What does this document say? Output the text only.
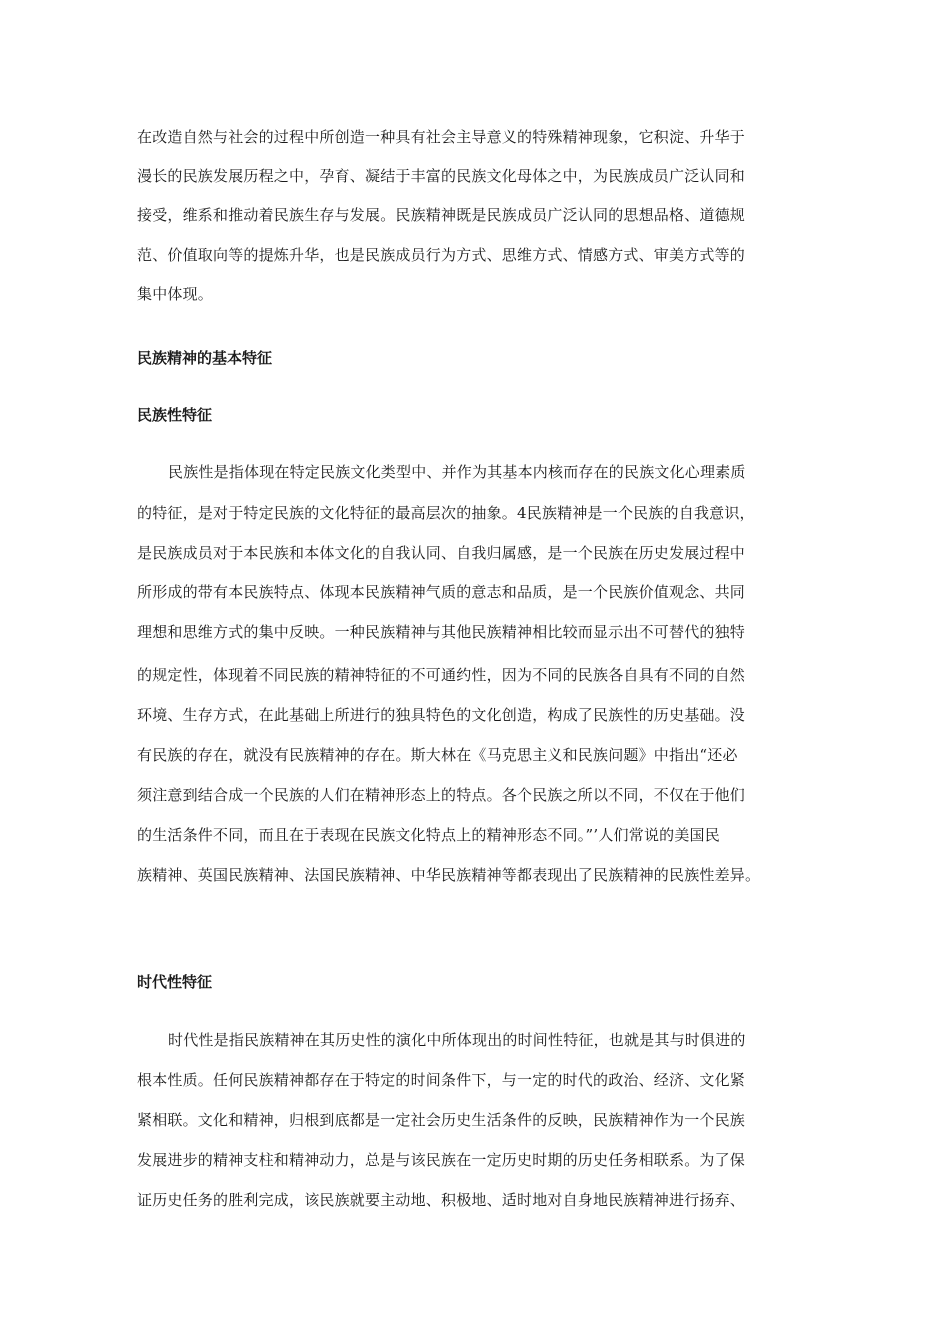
在改造自然与社会的过程中所创造一种具有社会主导意义的特殊精神现象，它积淀、升华于
漫长的民族发展历程之中，孕育、凝结于丰富的民族文化母体之中，为民族成员广泛认同和
接受，维系和推动着民族生存与发展。民族精神既是民族成员广泛认同的思想品格、道德规
范、价值取向等的提炼升华，也是民族成员行为方式、思维方式、情感方式、审美方式等的
集中体现。
民族精神的基本特征
民族性特征
民族性是指体现在特定民族文化类型中、并作为其基本内核而存在的民族文化心理素质
的特征，是对于特定民族的文化特征的最高层次的抽象。4民族精神是一个民族的自我意识，
是民族成员对于本民族和本体文化的自我认同、自我归属感，是一个民族在历史发展过程中
所形成的带有本民族特点、体现本民族精神气质的意志和品质，是一个民族价值观念、共同
理想和思维方式的集中反映。一种民族精神与其他民族精神相比较而显示出不可替代的独特
的规定性，体现着不同民族的精神特征的不可通约性，因为不同的民族各自具有不同的自然
环境、生存方式，在此基础上所进行的独具特色的文化创造，构成了民族性的历史基础。没
有民族的存在，就没有民族精神的存在。斯大林在《马克思主义和民族问题》中指出“还必
须注意到结合成一个民族的人们在精神形态上的特点。各个民族之所以不同，不仅在于他们
的生活条件不同，而且在于表现在民族文化特点上的精神形态不同。”’人们常说的美国民
族精神、英国民族精神、法国民族精神、中华民族精神等都表现出了民族精神的民族性差异。
时代性特征
时代性是指民族精神在其历史性的演化中所体现出的时间性特征，也就是其与时俱进的
根本性质。任何民族精神都存在于特定的时间条件下，与一定的时代的政治、经济、文化紧
紧相联。文化和精神，归根到底都是一定社会历史生活条件的反映，民族精神作为一个民族
发展进步的精神支柱和精神动力，总是与该民族在一定历史时期的历史任务相联系。为了保
证历史任务的胜利完成，该民族就要主动地、积极地、适时地对自身地民族精神进行扬弃、
